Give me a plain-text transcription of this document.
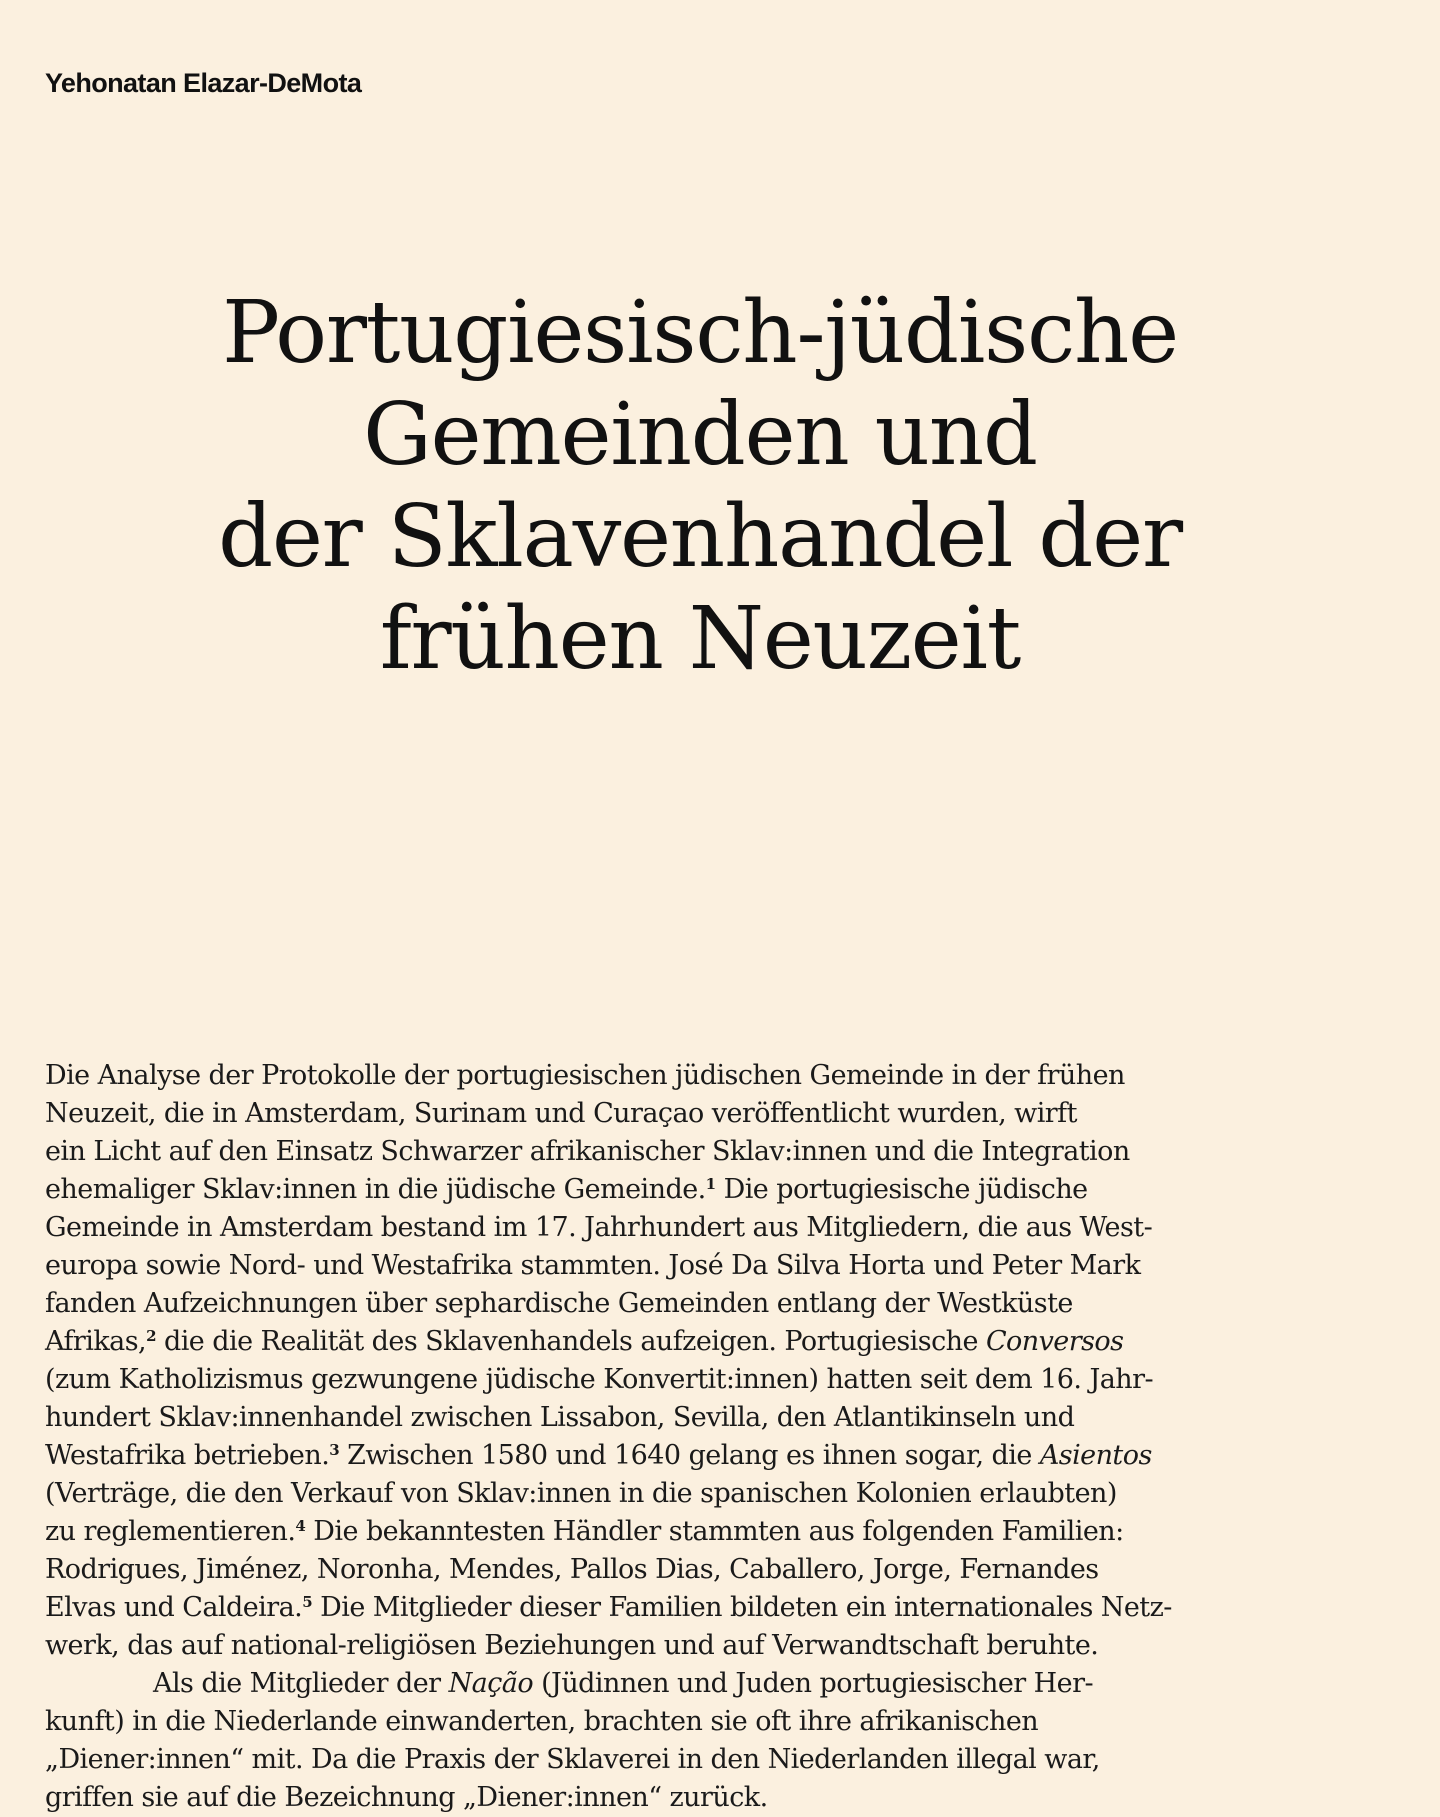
Yehonatan Elazar-DeMota
Portugiesisch-jüdische
Gemeinden und
der Sklavenhandel der
frühen Neuzeit
Die Analyse der Protokolle der portugiesischen jüdischen Gemeinde in der frühen
Neuzeit, die in Amsterdam, Surinam und Curaçao veröffentlicht wurden, wirft
ein Licht auf den Einsatz Schwarzer afrikanischer Sklav:innen und die Integration
ehemaliger Sklav:innen in die jüdische Gemeinde.$^1$ Die portugiesische jüdische
Gemeinde in Amsterdam bestand im 17. Jahrhundert aus Mitgliedern, die aus West-
europa sowie Nord- und Westafrika stammten. José Da Silva Horta und Peter Mark
fanden Aufzeichnungen über sephardische Gemeinden entlang der Westküste
Afrikas,$^2$ die die Realität des Sklavenhandels aufzeigen. Portugiesische Conversos
(zum Katholizismus gezwungene jüdische Konvertit:innen) hatten seit dem 16. Jahr-
hundert Sklav:innenhandel zwischen Lissabon, Sevilla, den Atlantikinseln und
Westafrika betrieben.$^3$ Zwischen 1580 und 1640 gelang es ihnen sogar, die Asientos
(Verträge, die den Verkauf von Sklav:innen in die spanischen Kolonien erlaubten)
zu reglementieren.$^4$ Die bekanntesten Händler stammten aus folgenden Familien:
Rodrigues, Jiménez, Noronha, Mendes, Pallos Dias, Caballero, Jorge, Fernandes
Elvas und Caldeira.$^5$ Die Mitglieder dieser Familien bildeten ein internationales Netz-
werk, das auf national-religiösen Beziehungen und auf Verwandtschaft beruhte.
Als die Mitglieder der Nação (Jüdinnen und Juden portugiesischer Her-
kunft) in die Niederlande einwanderten, brachten sie oft ihre afrikanischen
„Diener:innen“ mit. Da die Praxis der Sklaverei in den Niederlanden illegal war,
griffen sie auf die Bezeichnung „Diener:innen“ zurück.
